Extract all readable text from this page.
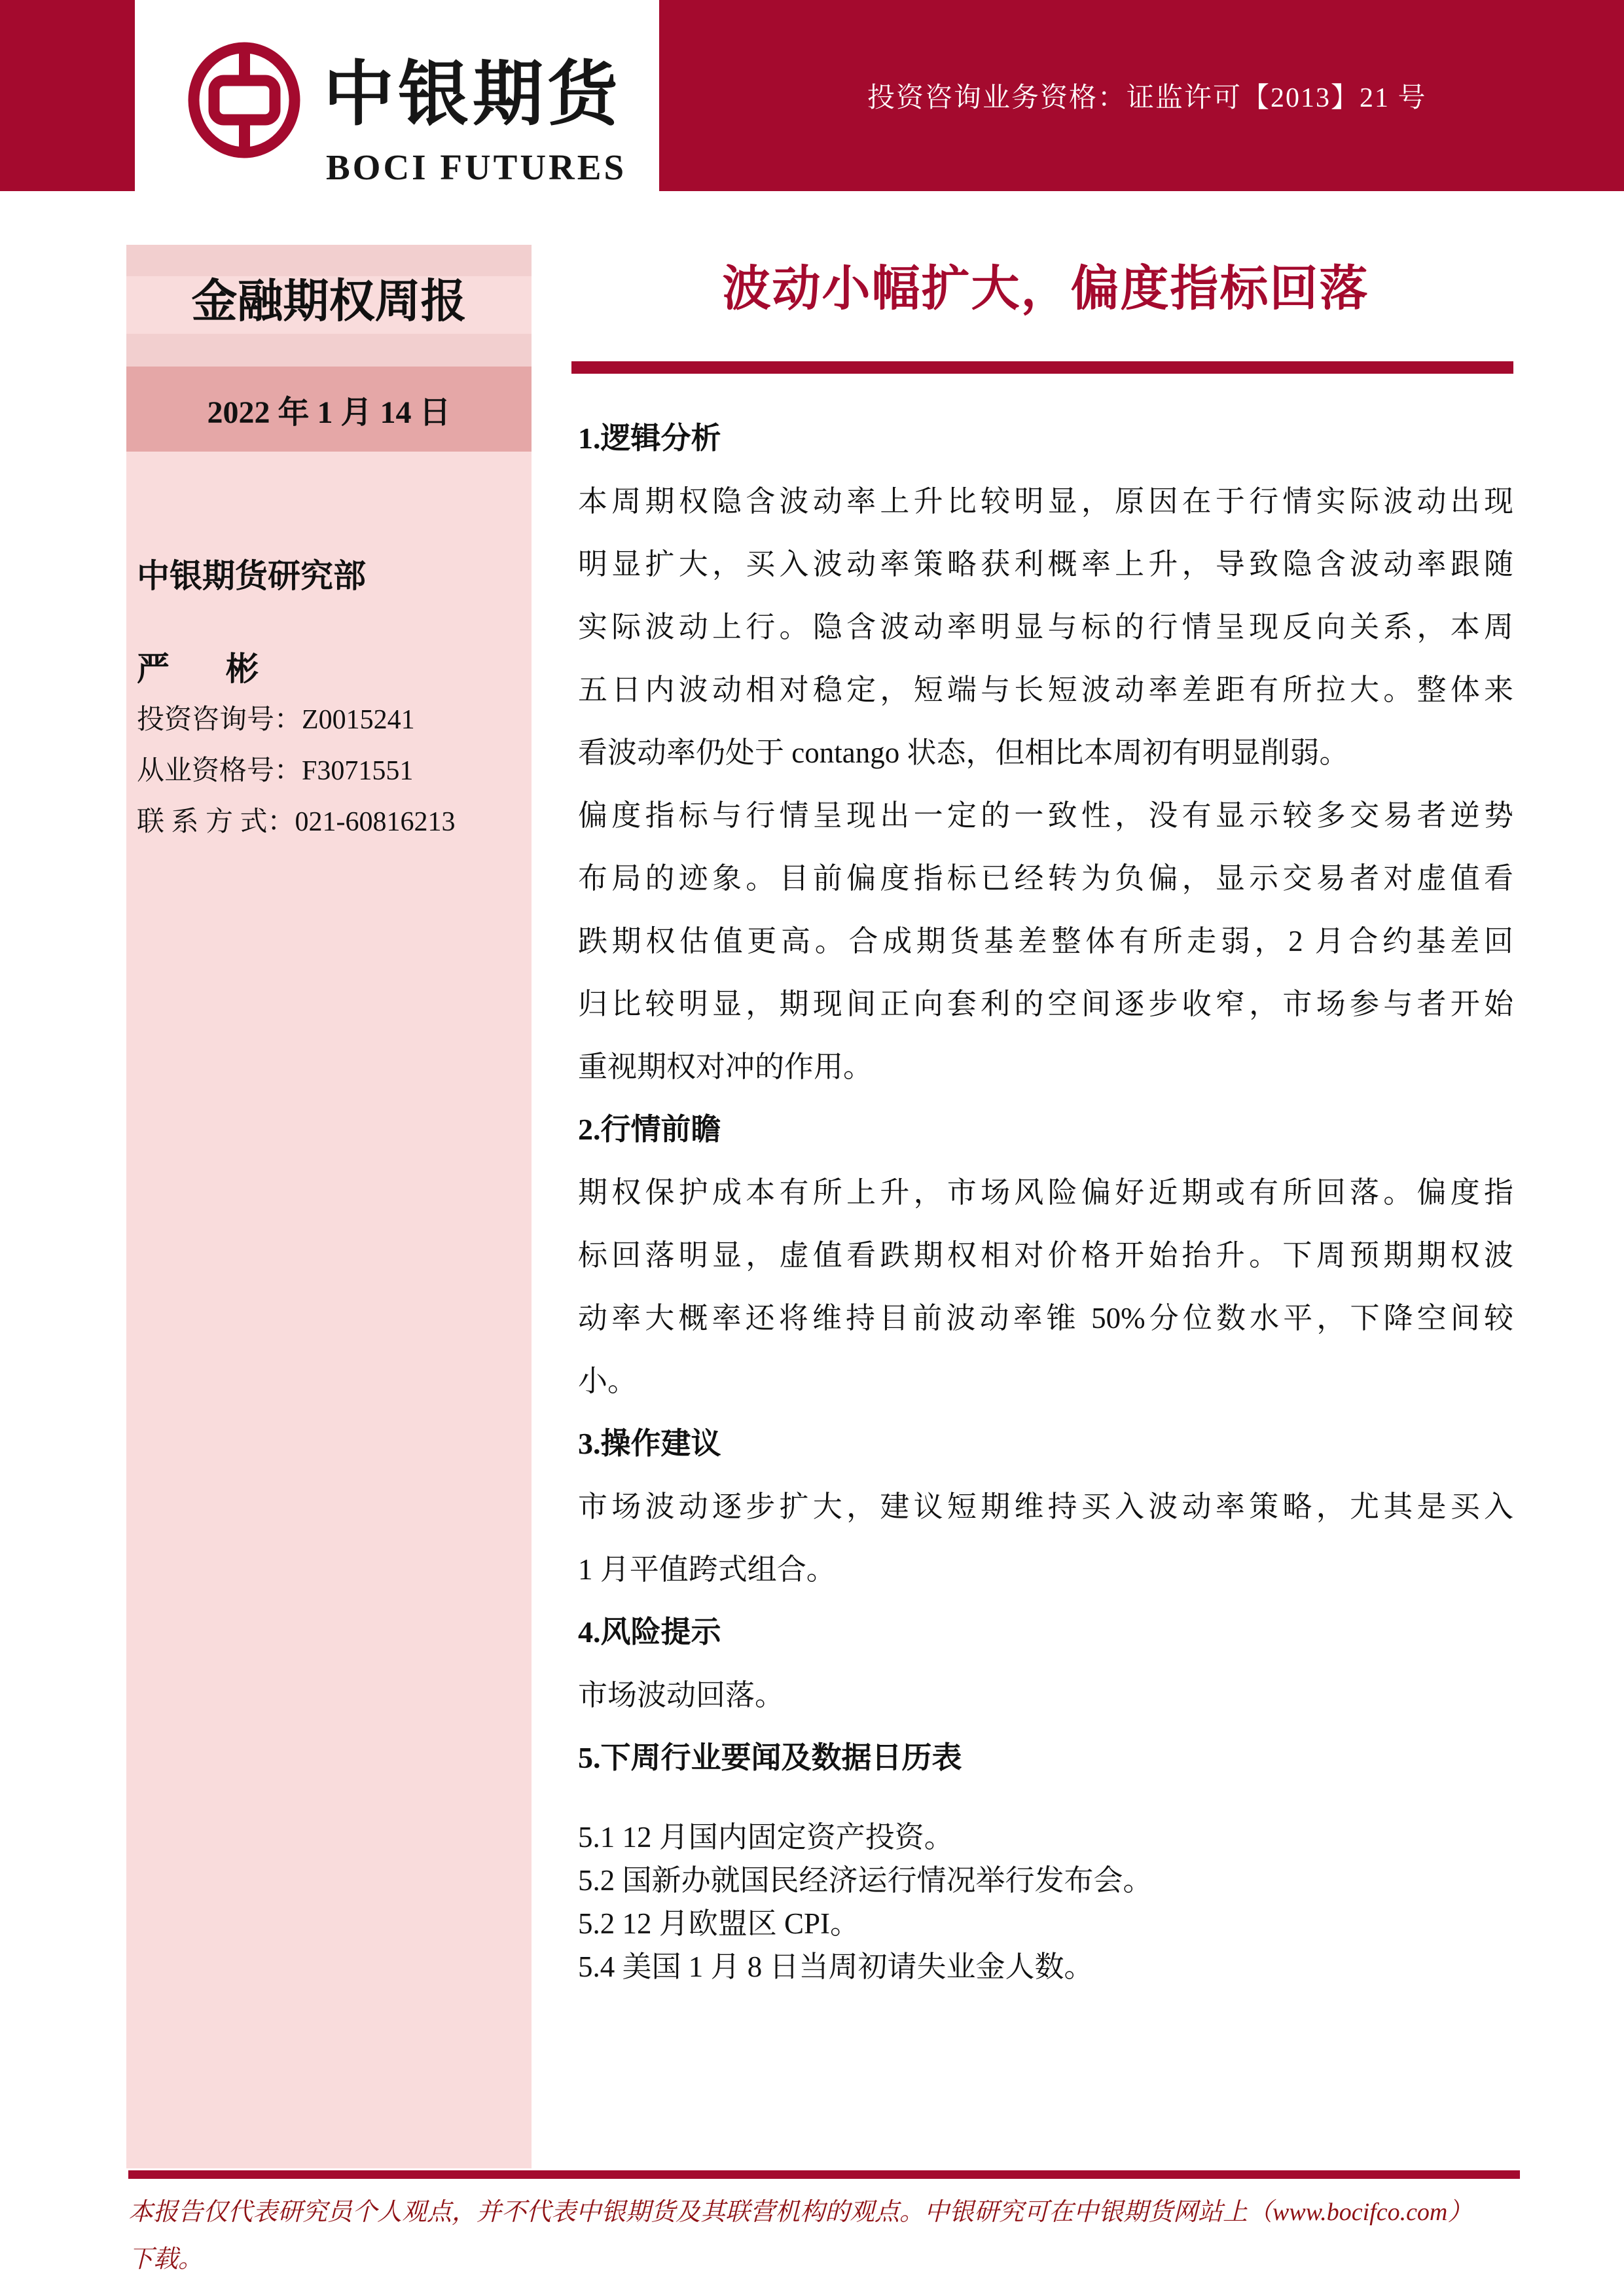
中银期货
BOCI FUTURES
投资咨询业务资格：证监许可【2013】21 号
金融期权周报
2022 年 1 月 14 日
中银期货研究部
严　彬
投资咨询号：Z0015241
从业资格号：F3071551
联 系 方 式：021-60816213
波动小幅扩大，偏度指标回落
1.逻辑分析
本周期权隐含波动率上升比较明显，原因在于行情实际波动出现
明显扩大，买入波动率策略获利概率上升，导致隐含波动率跟随
实际波动上行。隐含波动率明显与标的行情呈现反向关系，本周
五日内波动相对稳定，短端与长短波动率差距有所拉大。整体来
看波动率仍处于 contango 状态，但相比本周初有明显削弱。
偏度指标与行情呈现出一定的一致性，没有显示较多交易者逆势
布局的迹象。目前偏度指标已经转为负偏，显示交易者对虚值看
跌期权估值更高。合成期货基差整体有所走弱，2 月合约基差回
归比较明显，期现间正向套利的空间逐步收窄，市场参与者开始
重视期权对冲的作用。
2.行情前瞻
期权保护成本有所上升，市场风险偏好近期或有所回落。偏度指
标回落明显，虚值看跌期权相对价格开始抬升。下周预期期权波
动率大概率还将维持目前波动率锥 50%分位数水平，下降空间较
小。
3.操作建议
市场波动逐步扩大，建议短期维持买入波动率策略，尤其是买入
1 月平值跨式组合。
4.风险提示
市场波动回落。
5.下周行业要闻及数据日历表
5.1 12 月国内固定资产投资。
5.2 国新办就国民经济运行情况举行发布会。
5.2 12 月欧盟区 CPI。
5.4 美国 1 月 8 日当周初请失业金人数。
本报告仅代表研究员个人观点，并不代表中银期货及其联营机构的观点。中银研究可在中银期货网站上（www.bocifco.com）
下载。
